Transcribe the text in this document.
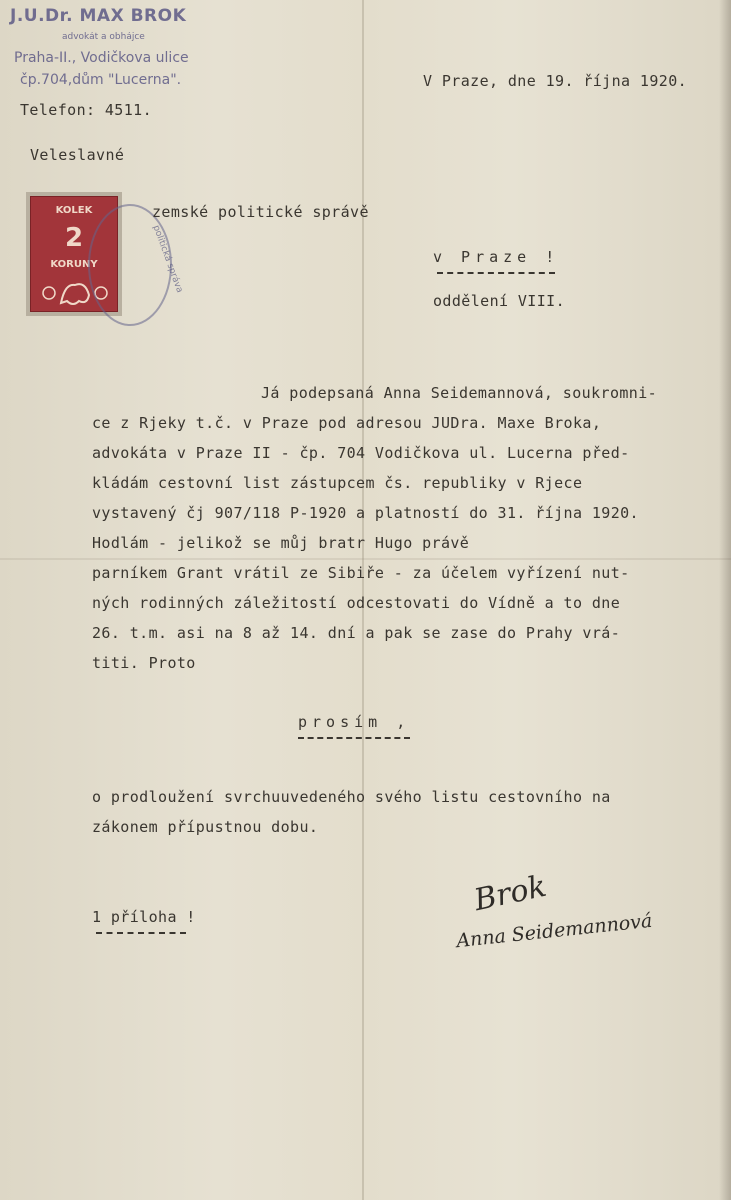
J.U.Dr. MAX BROK
advokát a obhájce
Praha-II., Vodičkova ulice
čp.704,dům "Lucerna".
Telefon: 4511.
V Praze, dne 19. října 1920.
Veleslavné
KOLEK
2
KORUNY	politická správa
zemské politické správě
v Praze !
oddělení VIII.
Já podepsaná Anna Seidemannová, soukromni-
ce z Rjeky t.č. v Praze pod adresou JUDra. Maxe Broka,
advokáta v Praze II - čp. 704 Vodičkova ul. Lucerna před-
kládám cestovní list zástupcem čs. republiky v Rjece
vystavený čj 907/118 P-1920 a platností do 31. října 1920.
Hodlám - jelikož se můj bratr Hugo právě
parníkem Grant vrátil ze Sibiře - za účelem vyřízení nut-
ných rodinných záležitostí odcestovati do Vídně a to dne
26. t.m. asi na 8 až 14. dní a pak se zase do Prahy vrá-
titi. Proto
prosím ,
o prodloužení svrchuuvedeného svého listu cestovního na
zákonem přípustnou dobu.
1 příloha !	Brok
Anna Seidemannová
